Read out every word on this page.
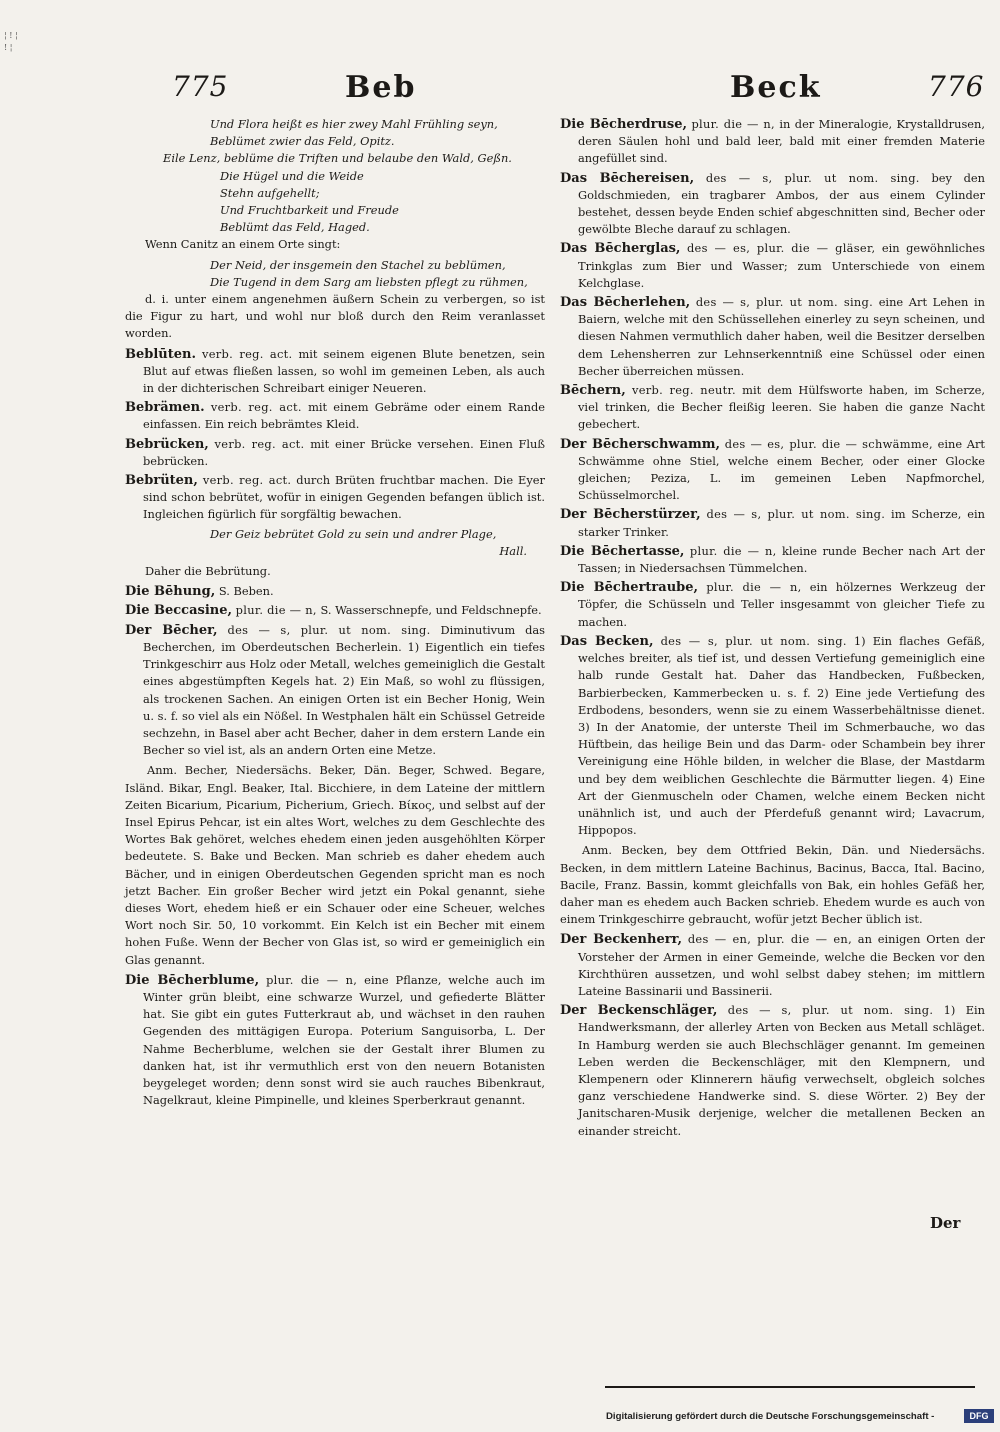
¦ ! ¦ ! ¦
775	Beb	Beck	776

Und Flora heißt es hier zwey Mahl Frühling seyn,

Beblümet zwier das Feld, Opitz.

Eile Lenz, beblüme die Triften und belaube den Wald, Geßn.

Die Hügel und die Weide

Stehn aufgehellt;

Und Fruchtbarkeit und Freude

Beblümt das Feld, Haged.

Wenn Canitz an einem Orte singt:

Der Neid, der insgemein den Stachel zu beblümen,

Die Tugend in dem Sarg am liebsten pflegt zu rühmen,

d. i. unter einem angenehmen äußern Schein zu verbergen, so ist die Figur zu hart, und wohl nur bloß durch den Reim veranlasset worden.

Beblūten. verb. reg. act. mit seinem eigenen Blute benetzen, sein Blut auf etwas fließen lassen, so wohl im gemeinen Leben, als auch in der dichterischen Schreibart einiger Neueren.

Bebrämen. verb. reg. act. mit einem Gebräme oder einem Rande einfassen. Ein reich bebrämtes Kleid.

Bebrücken, verb. reg. act. mit einer Brücke versehen. Einen Fluß bebrücken.

Bebrüten, verb. reg. act. durch Brüten fruchtbar machen. Die Eyer sind schon bebrütet, wofür in einigen Gegenden befangen üblich ist. Ingleichen figürlich für sorgfältig bewachen.

Der Geiz bebrütet Gold zu sein und andrer Plage,

Hall.

Daher die Bebrütung.

Die Bēhung, S. Beben.

Die Beccasine, plur. die — n, S. Wasserschnepfe, und Feldschnepfe.

Der Bēcher, des — s, plur. ut nom. sing. Diminutivum das Becherchen, im Oberdeutschen Becherlein. 1) Eigentlich ein tiefes Trinkgeschirr aus Holz oder Metall, welches gemeiniglich die Gestalt eines abgestümpften Kegels hat. 2) Ein Maß, so wohl zu flüssigen, als trockenen Sachen. An einigen Orten ist ein Becher Honig, Wein u. s. f. so viel als ein Nößel. In Westphalen hält ein Schüssel Getreide sechzehn, in Basel aber acht Becher, daher in dem erstern Lande ein Becher so viel ist, als an andern Orten eine Metze.

Anm. Becher, Niedersächs. Beker, Dän. Beger, Schwed. Begare, Isländ. Bikar, Engl. Beaker, Ital. Bicchiere, in dem Lateine der mittlern Zeiten Bicarium, Picarium, Picherium, Griech. Βίκος, und selbst auf der Insel Epirus Pehcar, ist ein altes Wort, welches zu dem Geschlechte des Wortes Bak gehöret, welches ehedem einen jeden ausgehöhlten Körper bedeutete. S. Bake und Becken. Man schrieb es daher ehedem auch Bächer, und in einigen Oberdeutschen Gegenden spricht man es noch jetzt Bacher. Ein großer Becher wird jetzt ein Pokal genannt, siehe dieses Wort, ehedem hieß er ein Schauer oder eine Scheuer, welches Wort noch Sir. 50, 10 vorkommt. Ein Kelch ist ein Becher mit einem hohen Fuße. Wenn der Becher von Glas ist, so wird er gemeiniglich ein Glas genannt.

Die Bēcherblume, plur. die — n, eine Pflanze, welche auch im Winter grün bleibt, eine schwarze Wurzel, und gefiederte Blätter hat. Sie gibt ein gutes Futterkraut ab, und wächset in den rauhen Gegenden des mittägigen Europa. Poterium Sanguisorba, L. Der Nahme Becherblume, welchen sie der Gestalt ihrer Blumen zu danken hat, ist ihr vermuthlich erst von den neuern Botanisten beygeleget worden; denn sonst wird sie auch rauches Bibenkraut, Nagelkraut, kleine Pimpinelle, und kleines Sperberkraut genannt.

Die Bēcherdruse, plur. die — n, in der Mineralogie, Krystalldrusen, deren Säulen hohl und bald leer, bald mit einer fremden Materie angefüllet sind.

Das Bēchereisen, des — s, plur. ut nom. sing. bey den Goldschmieden, ein tragbarer Ambos, der aus einem Cylinder bestehet, dessen beyde Enden schief abgeschnitten sind, Becher oder gewölbte Bleche darauf zu schlagen.

Das Bēcherglas, des — es, plur. die — gläser, ein gewöhnliches Trinkglas zum Bier und Wasser; zum Unterschiede von einem Kelchglase.

Das Bēcherlehen, des — s, plur. ut nom. sing. eine Art Lehen in Baiern, welche mit den Schüssellehen einerley zu seyn scheinen, und diesen Nahmen vermuthlich daher haben, weil die Besitzer derselben dem Lehensherren zur Lehnserkenntniß eine Schüssel oder einen Becher überreichen müssen.

Bēchern, verb. reg. neutr. mit dem Hülfsworte haben, im Scherze, viel trinken, die Becher fleißig leeren. Sie haben die ganze Nacht gebechert.

Der Bēcherschwamm, des — es, plur. die — schwämme, eine Art Schwämme ohne Stiel, welche einem Becher, oder einer Glocke gleichen; Peziza, L. im gemeinen Leben Napfmorchel, Schüsselmorchel.

Der Bēcherstürzer, des — s, plur. ut nom. sing. im Scherze, ein starker Trinker.

Die Bēchertasse, plur. die — n, kleine runde Becher nach Art der Tassen; in Niedersachsen Tümmelchen.

Die Bēchertraube, plur. die — n, ein hölzernes Werkzeug der Töpfer, die Schüsseln und Teller insgesammt von gleicher Tiefe zu machen.

Das Becken, des — s, plur. ut nom. sing. 1) Ein flaches Gefäß, welches breiter, als tief ist, und dessen Vertiefung gemeiniglich eine halb runde Gestalt hat. Daher das Handbecken, Fußbecken, Barbierbecken, Kammerbecken u. s. f. 2) Eine jede Vertiefung des Erdbodens, besonders, wenn sie zu einem Wasserbehältnisse dienet. 3) In der Anatomie, der unterste Theil im Schmerbauche, wo das Hüftbein, das heilige Bein und das Darm- oder Schambein bey ihrer Vereinigung eine Höhle bilden, in welcher die Blase, der Mastdarm und bey dem weiblichen Geschlechte die Bärmutter liegen. 4) Eine Art der Gienmuscheln oder Chamen, welche einem Becken nicht unähnlich ist, und auch der Pferdefuß genannt wird; Lavacrum, Hippopos.

Anm. Becken, bey dem Ottfried Bekin, Dän. und Niedersächs. Becken, in dem mittlern Lateine Bachinus, Bacinus, Bacca, Ital. Bacino, Bacile, Franz. Bassin, kommt gleichfalls von Bak, ein hohles Gefäß her, daher man es ehedem auch Backen schrieb. Ehedem wurde es auch von einem Trinkgeschirre gebraucht, wofür jetzt Becher üblich ist.

Der Beckenherr, des — en, plur. die — en, an einigen Orten der Vorsteher der Armen in einer Gemeinde, welche die Becken vor den Kirchthüren aussetzen, und wohl selbst dabey stehen; im mittlern Lateine Bassinarii und Bassinerii.

Der Beckenschläger, des — s, plur. ut nom. sing. 1) Ein Handwerksmann, der allerley Arten von Becken aus Metall schläget. In Hamburg werden sie auch Blechschläger genannt. Im gemeinen Leben werden die Beckenschläger, mit den Klempnern, und Klempenern oder Klinnerern häufig verwechselt, obgleich solches ganz verschiedene Handwerke sind. S. diese Wörter. 2) Bey der Janitscharen-Musik derjenige, welcher die metallenen Becken an einander streicht.

Der
Digitalisierung gefördert durch die Deutsche Forschungsgemeinschaft -	DFG
